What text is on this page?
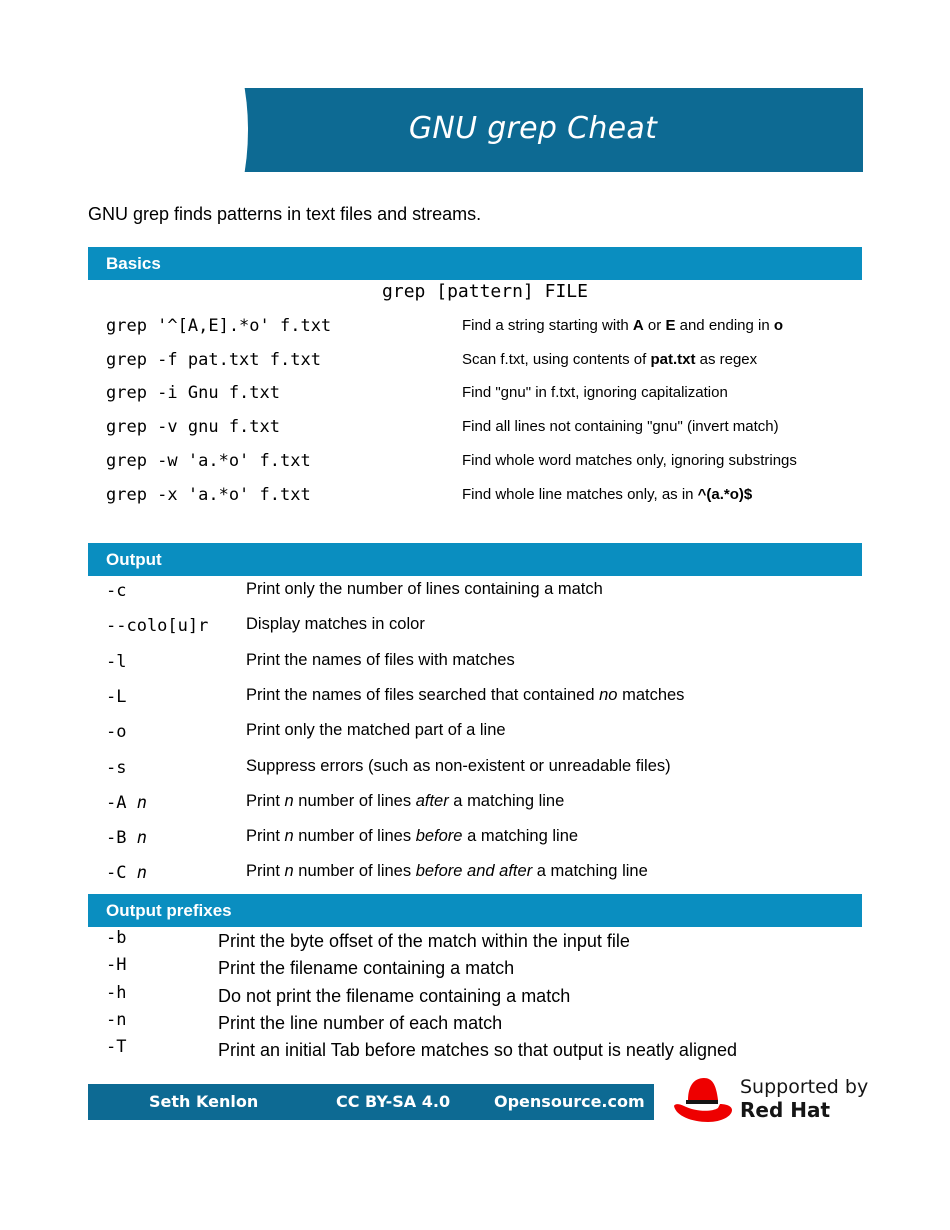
GNU grep Cheat Sheet
GNU grep finds patterns in text files and streams.
Basics
grep [pattern] FILE
grep '^[A,E].*o' f.txt	Find a string starting with A or E and ending in o
grep -f pat.txt f.txt	Scan f.txt, using contents of pat.txt as regex
grep -i Gnu f.txt	Find "gnu" in f.txt, ignoring capitalization
grep -v gnu f.txt	Find all lines not containing "gnu" (invert match)
grep -w 'a.*o' f.txt	Find whole word matches only, ignoring substrings
grep -x 'a.*o' f.txt	Find whole line matches only, as in ^(a.*o)$
Output
-c	Print only the number of lines containing a match
--colo[u]r Display matches in color
-l	Print the names of files with matches
-L	Print the names of files searched that contained no matches
-o	Print only the matched part of a line
-s	Suppress errors (such as non-existent or unreadable files)
-A n	Print n number of lines after a matching line
-B n	Print n number of lines before a matching line
-C n	Print n number of lines before and after a matching line
Output prefixes
-b	Print the byte offset of the match within the input file
-H	Print the filename containing a match
-h	Do not print the filename containing a match
-n	Print the line number of each match
-T	Print an initial Tab before matches so that output is neatly aligned
Seth Kenlon	CC BY-SA 4.0	Opensource.com
Supported by
Red Hat
